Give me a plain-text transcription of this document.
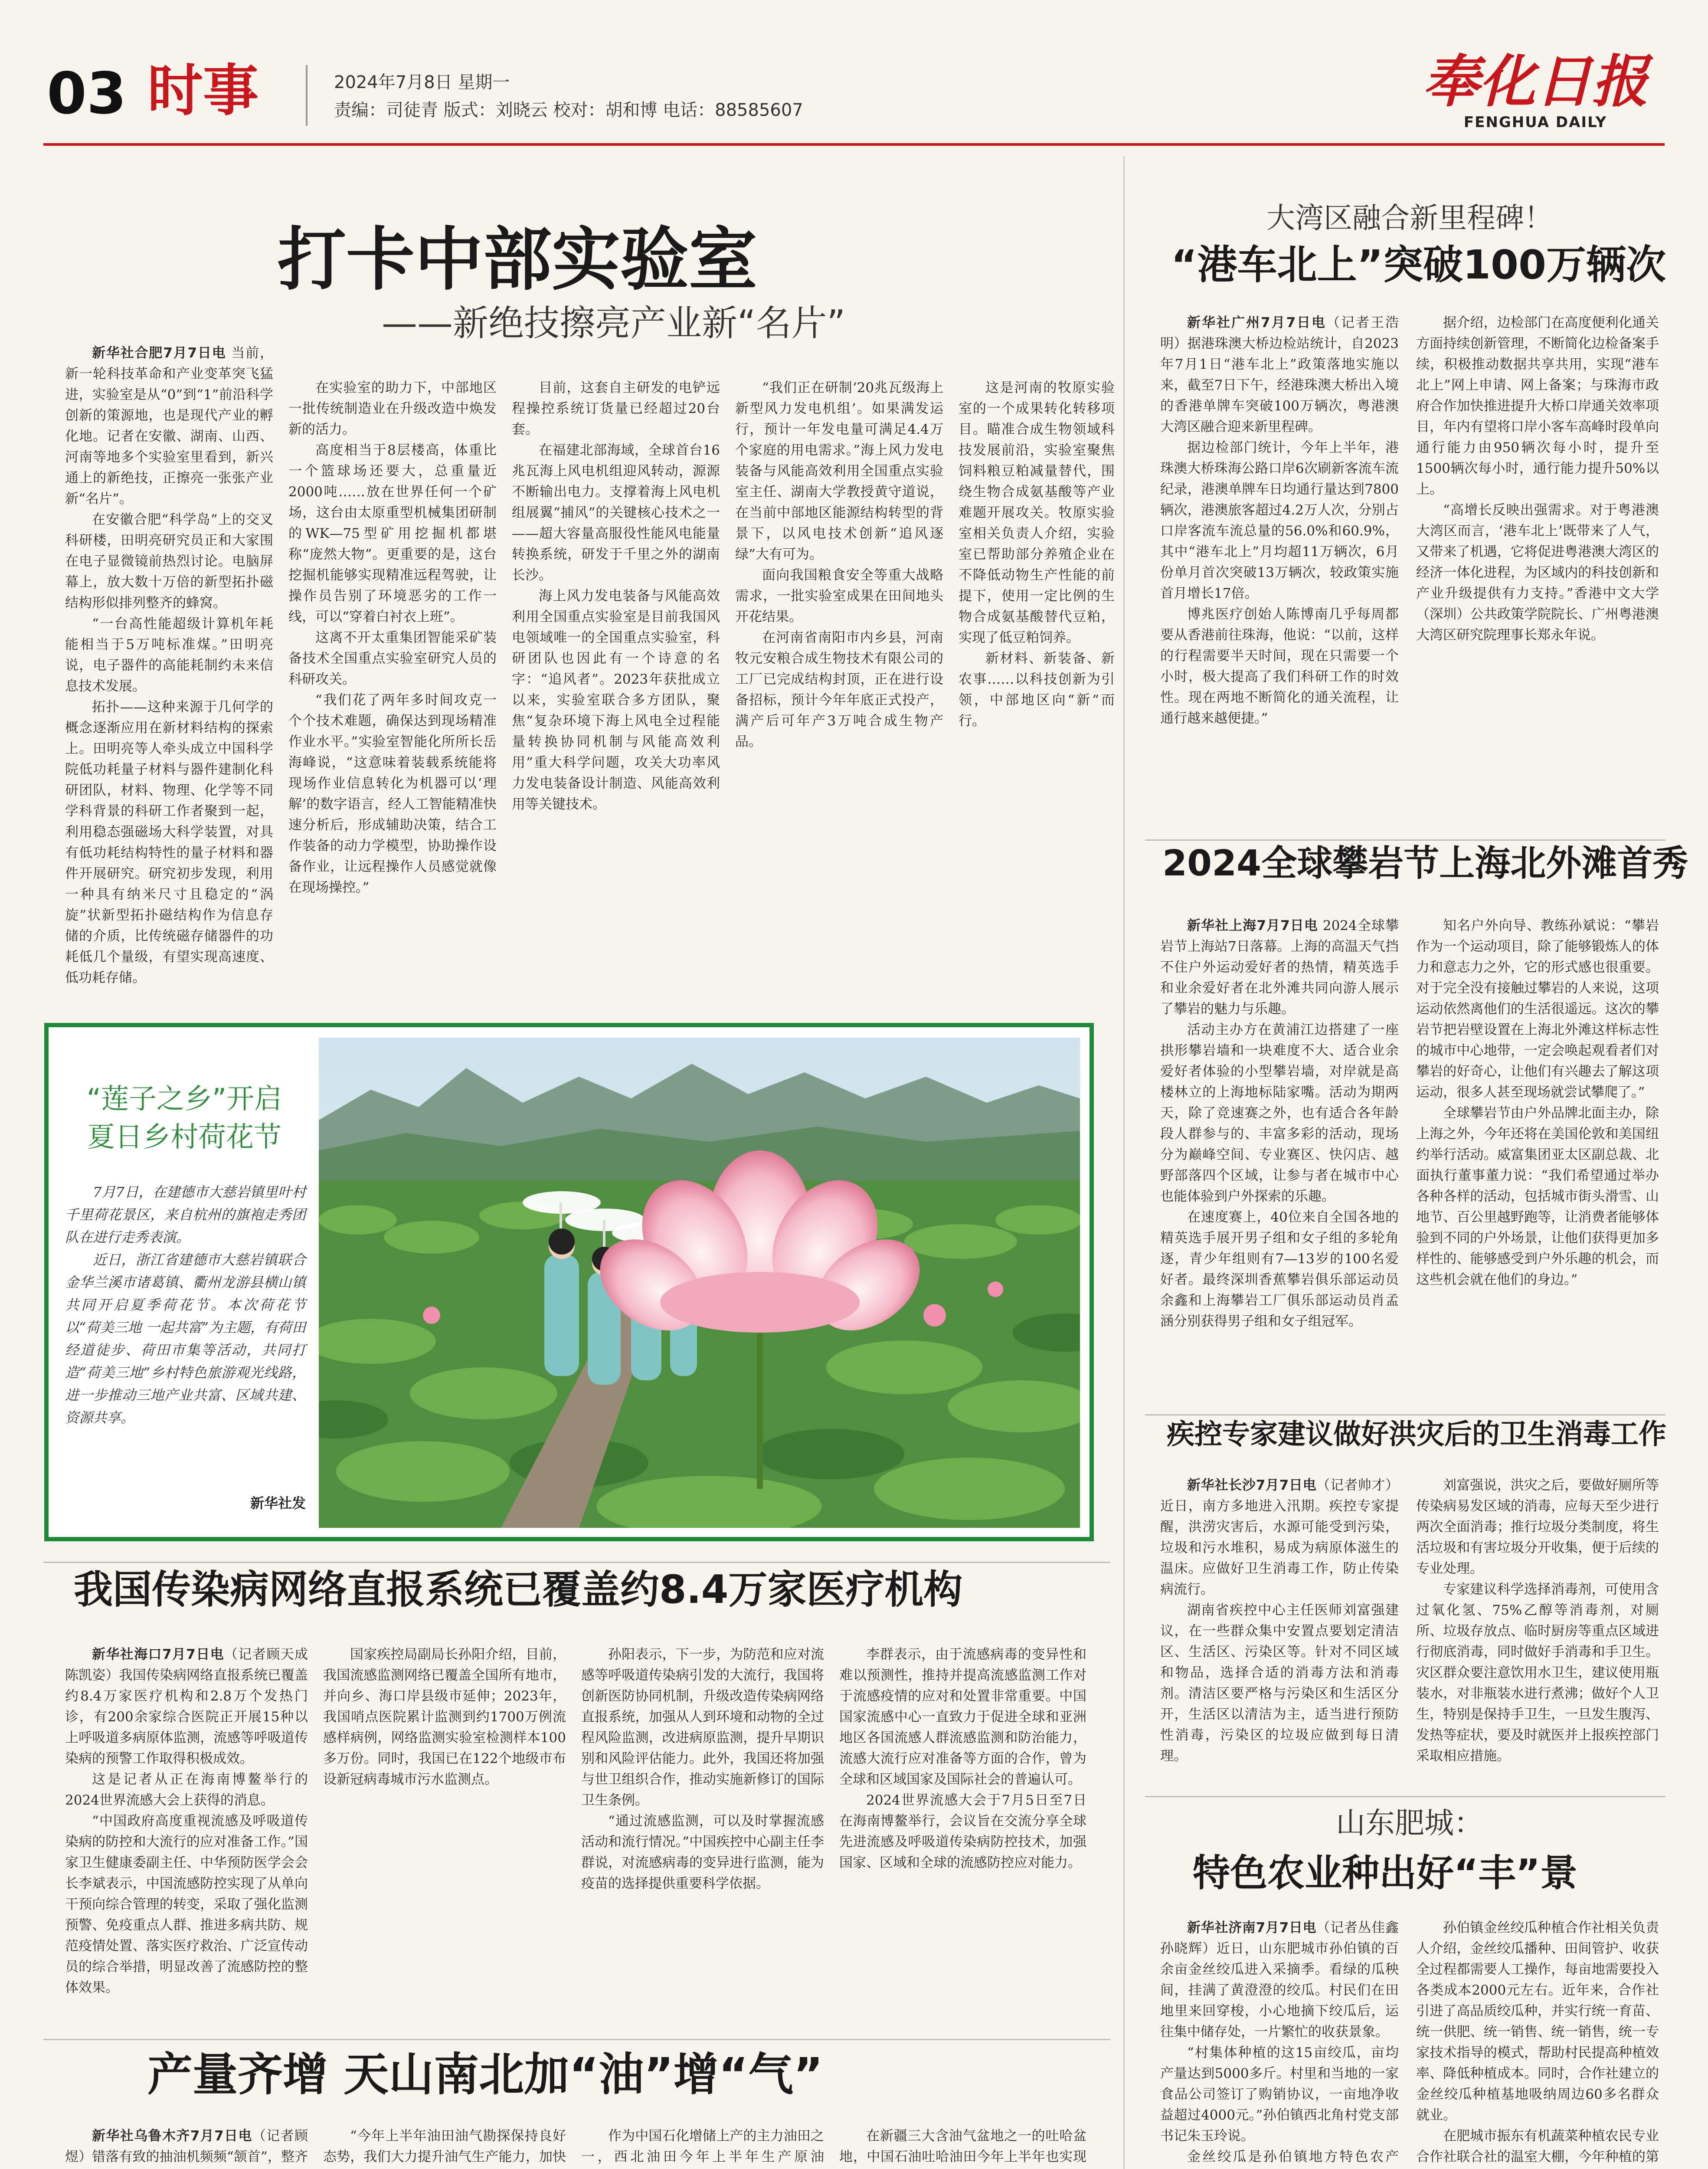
03 时事	2024年7月8日 星期一
责编：司徒青 版式：刘晓云 校对：胡和博 电话：88585607	奉化日报
FENGHUA DAILY
打卡中部实验室
——新绝技擦亮产业新“名片”

新华社合肥7月7日电 当前，新一轮科技革命和产业变革突飞猛进，实验室是从“0”到“1”前沿科学创新的策源地，也是现代产业的孵化地。记者在安徽、湖南、山西、河南等地多个实验室里看到，新兴通上的新绝技，正擦亮一张张产业新“名片”。

在安徽合肥“科学岛”上的交叉科研楼，田明亮研究员正和大家围在电子显微镜前热烈讨论。电脑屏幕上，放大数十万倍的新型拓扑磁结构形似排列整齐的蜂窝。

“一台高性能超级计算机年耗能相当于5万吨标准煤。”田明亮说，电子器件的高能耗制约未来信息技术发展。

拓扑——这种来源于几何学的概念逐渐应用在新材料结构的探索上。田明亮等人牵头成立中国科学院低功耗量子材料与器件建制化科研团队，材料、物理、化学等不同学科背景的科研工作者聚到一起，利用稳态强磁场大科学装置，对具有低功耗结构特性的量子材料和器件开展研究。研究初步发现，利用一种具有纳米尺寸且稳定的“涡旋”状新型拓扑磁结构作为信息存储的介质，比传统磁存储器件的功耗低几个量级，有望实现高速度、低功耗存储。

在实验室的助力下，中部地区一批传统制造业在升级改造中焕发新的活力。

高度相当于8层楼高，体重比一个篮球场还要大，总重量近2000吨……放在世界任何一个矿场，这台由太原重型机械集团研制的WK—75型矿用挖掘机都堪称“庞然大物”。更重要的是，这台挖掘机能够实现精准远程驾驶，让操作员告别了环境恶劣的工作一线，可以“穿着白衬衣上班”。

这离不开太重集团智能采矿装备技术全国重点实验室研究人员的科研攻关。

“我们花了两年多时间攻克一个个技术难题，确保达到现场精准作业水平。”实验室智能化所所长岳海峰说，“这意味着装载系统能将现场作业信息转化为机器可以‘理解’的数字语言，经人工智能精准快速分析后，形成辅助决策，结合工作装备的动力学模型，协助操作设备作业，让远程操作人员感觉就像在现场操控。”

目前，这套自主研发的电铲远程操控系统订货量已经超过20台套。

在福建北部海域，全球首台16兆瓦海上风电机组迎风转动，源源不断输出电力。支撑着海上风电机组展翼“捕风”的关键核心技术之一——超大容量高服役性能风电能量转换系统，研发于千里之外的湖南长沙。

海上风力发电装备与风能高效利用全国重点实验室是目前我国风电领域唯一的全国重点实验室，科研团队也因此有一个诗意的名字：“追风者”。2023年获批成立以来，实验室联合多方团队，聚焦“复杂环境下海上风电全过程能量转换协同机制与风能高效利用”重大科学问题，攻关大功率风力发电装备设计制造、风能高效利用等关键技术。

“我们正在研制‘20兆瓦级海上新型风力发电机组’。如果满发运行，预计一年发电量可满足4.4万个家庭的用电需求。”海上风力发电装备与风能高效利用全国重点实验室主任、湖南大学教授黄守道说，在当前中部地区能源结构转型的背景下，以风电技术创新“追风逐绿”大有可为。

面向我国粮食安全等重大战略需求，一批实验室成果在田间地头开花结果。

在河南省南阳市内乡县，河南牧元安粮合成生物技术有限公司的工厂已完成结构封顶，正在进行设备招标，预计今年年底正式投产，满产后可年产3万吨合成生物产品。

大湾区融合新里程碑！
“港车北上”突破100万辆次

新华社广州7月7日电（记者王浩明）据港珠澳大桥边检站统计，自2023年7月1日“港车北上”政策落地实施以来，截至7日下午，经港珠澳大桥出入境的香港单牌车突破100万辆次，粤港澳大湾区融合迎来新里程碑。

据边检部门统计，今年上半年，港珠澳大桥珠海公路口岸6次刷新客流车流纪录，港澳单牌车日均通行量达到7800辆次，港澳旅客超过4.2万人次，分别占口岸客流车流总量的56.0%和60.9%，其中“港车北上”月均超11万辆次，6月份单月首次突破13万辆次，较政策实施首月增长17倍。

博兆医疗创始人陈博南几乎每周都要从香港前往珠海，他说：“以前，这样的行程需要半天时间，现在只需要一个小时，极大提高了我们科研工作的时效性。现在两地不断简化的通关流程，让通行越来越便捷。”

据介绍，边检部门在高度便利化通关方面持续创新管理，不断简化边检备案手续，积极推动数据共享共用，实现“港车北上”网上申请、网上备案；与珠海市政府合作加快推进提升大桥口岸通关效率项目，年内有望将口岸小客车高峰时段单向通行能力由950辆次每小时，提升至1500辆次每小时，通行能力提升50%以上。

“高增长反映出强需求。对于粤港澳大湾区而言，‘港车北上’既带来了人气，又带来了机遇，它将促进粤港澳大湾区的经济一体化进程，为区域内的科技创新和产业升级提供有力支持。”香港中文大学（深圳）公共政策学院院长、广州粤港澳大湾区研究院理事长郑永年说。

2024全球攀岩节上海北外滩首秀

新华社上海7月7日电 2024全球攀岩节上海站7日落幕。上海的高温天气挡不住户外运动爱好者的热情，精英选手和业余爱好者在北外滩共同向游人展示了攀岩的魅力与乐趣。

活动主办方在黄浦江边搭建了一座拱形攀岩墙和一块难度不大、适合业余爱好者体验的小型攀岩墙，对岸就是高楼林立的上海地标陆家嘴。活动为期两天，除了竞速赛之外，也有适合各年龄段人群参与的、丰富多彩的活动，现场分为巅峰空间、专业赛区、快闪店、越野部落四个区域，让参与者在城市中心也能体验到户外探索的乐趣。

在速度赛上，40位来自全国各地的精英选手展开男子组和女子组的多轮角逐，青少年组则有7—13岁的100名爱好者。最终深圳香蕉攀岩俱乐部运动员余鑫和上海攀岩工厂俱乐部运动员肖孟涵分别获得男子组和女子组冠军。

知名户外向导、教练孙斌说：“攀岩作为一个运动项目，除了能够锻炼人的体力和意志力之外，它的形式感也很重要。对于完全没有接触过攀岩的人来说，这项运动依然离他们的生活很遥远。这次的攀岩节把岩壁设置在上海北外滩这样标志性的城市中心地带，一定会唤起观看者们对攀岩的好奇心，让他们有兴趣去了解这项运动，很多人甚至现场就尝试攀爬了。”

全球攀岩节由户外品牌北面主办，除上海之外，今年还将在美国伦敦和美国纽约举行活动。威富集团亚太区副总裁、北面执行董事董力说：“我们希望通过举办各种各样的活动，包括城市街头滑雪、山地节、百公里越野跑等，让消费者能够体验到不同的户外场景，让他们获得更加多样性的、能够感受到户外乐趣的机会，而这些机会就在他们的身边。”

疾控专家建议做好洪灾后的卫生消毒工作

新华社长沙7月7日电（记者帅才）近日，南方多地进入汛期。疾控专家提醒，洪涝灾害后，水源可能受到污染，垃圾和污水堆积，易成为病原体滋生的温床。应做好卫生消毒工作，防止传染病流行。

湖南省疾控中心主任医师刘富强建议，在一些群众集中安置点要划定清洁区、生活区、污染区等。针对不同区域和物品，选择合适的消毒方法和消毒剂。清洁区要严格与污染区和生活区分开，生活区以清洁为主，适当进行预防性消毒，污染区的垃圾应做到每日清理。

刘富强说，洪灾之后，要做好厕所等传染病易发区域的消毒，应每天至少进行两次全面消毒；推行垃圾分类制度，将生活垃圾和有害垃圾分开收集，便于后续的专业处理。

专家建议科学选择消毒剂，可使用含过氧化氢、75%乙醇等消毒剂，对厕所、垃圾存放点、临时厨房等重点区域进行彻底消毒，同时做好手消毒和手卫生。灾区群众要注意饮用水卫生，建议使用瓶装水，对非瓶装水进行煮沸；做好个人卫生，特别是保持手卫生，一旦发生腹泻、发热等症状，要及时就医并上报疾控部门采取相应措施。

山东肥城：
特色农业种出好“丰”景

新华社济南7月7日电（记者丛佳鑫 孙晓辉）近日，山东肥城市孙伯镇的百余亩金丝绞瓜进入采摘季。看绿的瓜秧间，挂满了黄澄澄的绞瓜。村民们在田地里来回穿梭，小心地摘下绞瓜后，运往集中储存处，一片繁忙的收获景象。

“村集体种植的这15亩绞瓜，亩均产量达到5000多斤。村里和当地的一家食品公司签订了购销协议，一亩地净收益超过4000元。”孙伯镇西北角村党支部书记朱玉玲说。

金丝绞瓜是孙伯镇地方特色农产

孙伯镇金丝绞瓜种植合作社相关负责人介绍，金丝绞瓜播种、田间管护、收获全过程都需要人工操作，每亩地需要投入各类成本2000元左右。近年来，合作社引进了高品质绞瓜种，并实行统一育苗、统一供肥、统一销售、统一销售，统一专家技术指导的模式，帮助村民提高种植效率、降低种植成本。同时，合作社建立的金丝绞瓜种植基地吸纳周边60多名群众就业。

在肥城市振东有机蔬菜种植农民专业合作社联合社的温室大棚，今年种植的第

“莲子之乡”开启
夏日乡村荷花节

7月7日，在建德市大慈岩镇里叶村千里荷花景区，来自杭州的旗袍走秀团队在进行走秀表演。

近日，浙江省建德市大慈岩镇联合金华兰溪市诸葛镇、衢州龙游县横山镇共同开启夏季荷花节。本次荷花节以“荷美三地 一起共富”为主题，有荷田经道徒步、荷田市集等活动，共同打造“荷美三地”乡村特色旅游观光线路，进一步推动三地产业共富、区域共建、资源共享。

新华社发
我国传染病网络直报系统已覆盖约8.4万家医疗机构

新华社海口7月7日电（记者顾天成 陈凯姿）我国传染病网络直报系统已覆盖约8.4万家医疗机构和2.8万个发热门诊，有200余家综合医院正开展15种以上呼吸道多病原体监测，流感等呼吸道传染病的预警工作取得积极成效。

这是记者从正在海南博鳌举行的2024世界流感大会上获得的消息。

“中国政府高度重视流感及呼吸道传染病的防控和大流行的应对准备工作。”国家卫生健康委副主任、中华预防医学会会长李斌表示，中国流感防控实现了从单向干预向综合管理的转变，采取了强化监测预警、免疫重点人群、推进多病共防、规范疫情处置、落实医疗救治、广泛宣传动员的综合举措，明显改善了流感防控的整体效果。

国家疾控局副局长孙阳介绍，目前，我国流感监测网络已覆盖全国所有地市，并向乡、海口岸县级市延伸；2023年，我国哨点医院累计监测到约1700万例流感样病例，网络监测实验室检测样本100多万份。同时，我国已在122个地级市布设新冠病毒城市污水监测点。

孙阳表示，下一步，为防范和应对流感等呼吸道传染病引发的大流行，我国将创新医防协同机制，升级改造传染病网络直报系统，加强从人到环境和动物的全过程风险监测，改进病原监测，提升早期识别和风险评估能力。此外，我国还将加强与世卫组织合作，推动实施新修订的国际卫生条例。

“通过流感监测，可以及时掌握流感活动和流行情况。”中国疾控中心副主任李群说，对流感病毒的变异进行监测，能为疫苗的选择提供重要科学依据。

李群表示，由于流感病毒的变异性和难以预测性，推持并提高流感监测工作对于流感疫情的应对和处置非常重要。中国国家流感中心一直致力于促进全球和亚洲地区各国流感人群流感监测和防治能力，流感大流行应对准备等方面的合作，曾为全球和区域国家及国际社会的普遍认可。

2024世界流感大会于7月5日至7日在海南博鳌举行，会议旨在交流分享全球先进流感及呼吸道传染病防控技术，加强国家、区域和全球的流感防控应对能力。

产量齐增 天山南北加“油”增“气”

新华社乌鲁木齐7月7日电（记者顾煜）错落有致的抽油机频频“颔首”，整齐

“今年上半年油田油气勘探保持良好态势，我们大力提升油气生产能力，加快

作为中国石化增储上产的主力油田之一，西北油田今年上半年生产原油

在新疆三大含油气盆地之一的吐哈盆地，中国石油吐哈油田今年上半年也实现

这是河南的牧原实验室的一个成果转化转移项目。瞄准合成生物领域科技发展前沿，实验室聚焦饲料粮豆粕减量替代，围绕生物合成氨基酸等产业难题开展攻关。牧原实验室相关负责人介绍，实验室已帮助部分养殖企业在不降低动物生产性能的前提下，使用一定比例的生物合成氨基酸替代豆粕，实现了低豆粕饲养。

新材料、新装备、新农事……以科技创新为引领，中部地区向“新”而行。
